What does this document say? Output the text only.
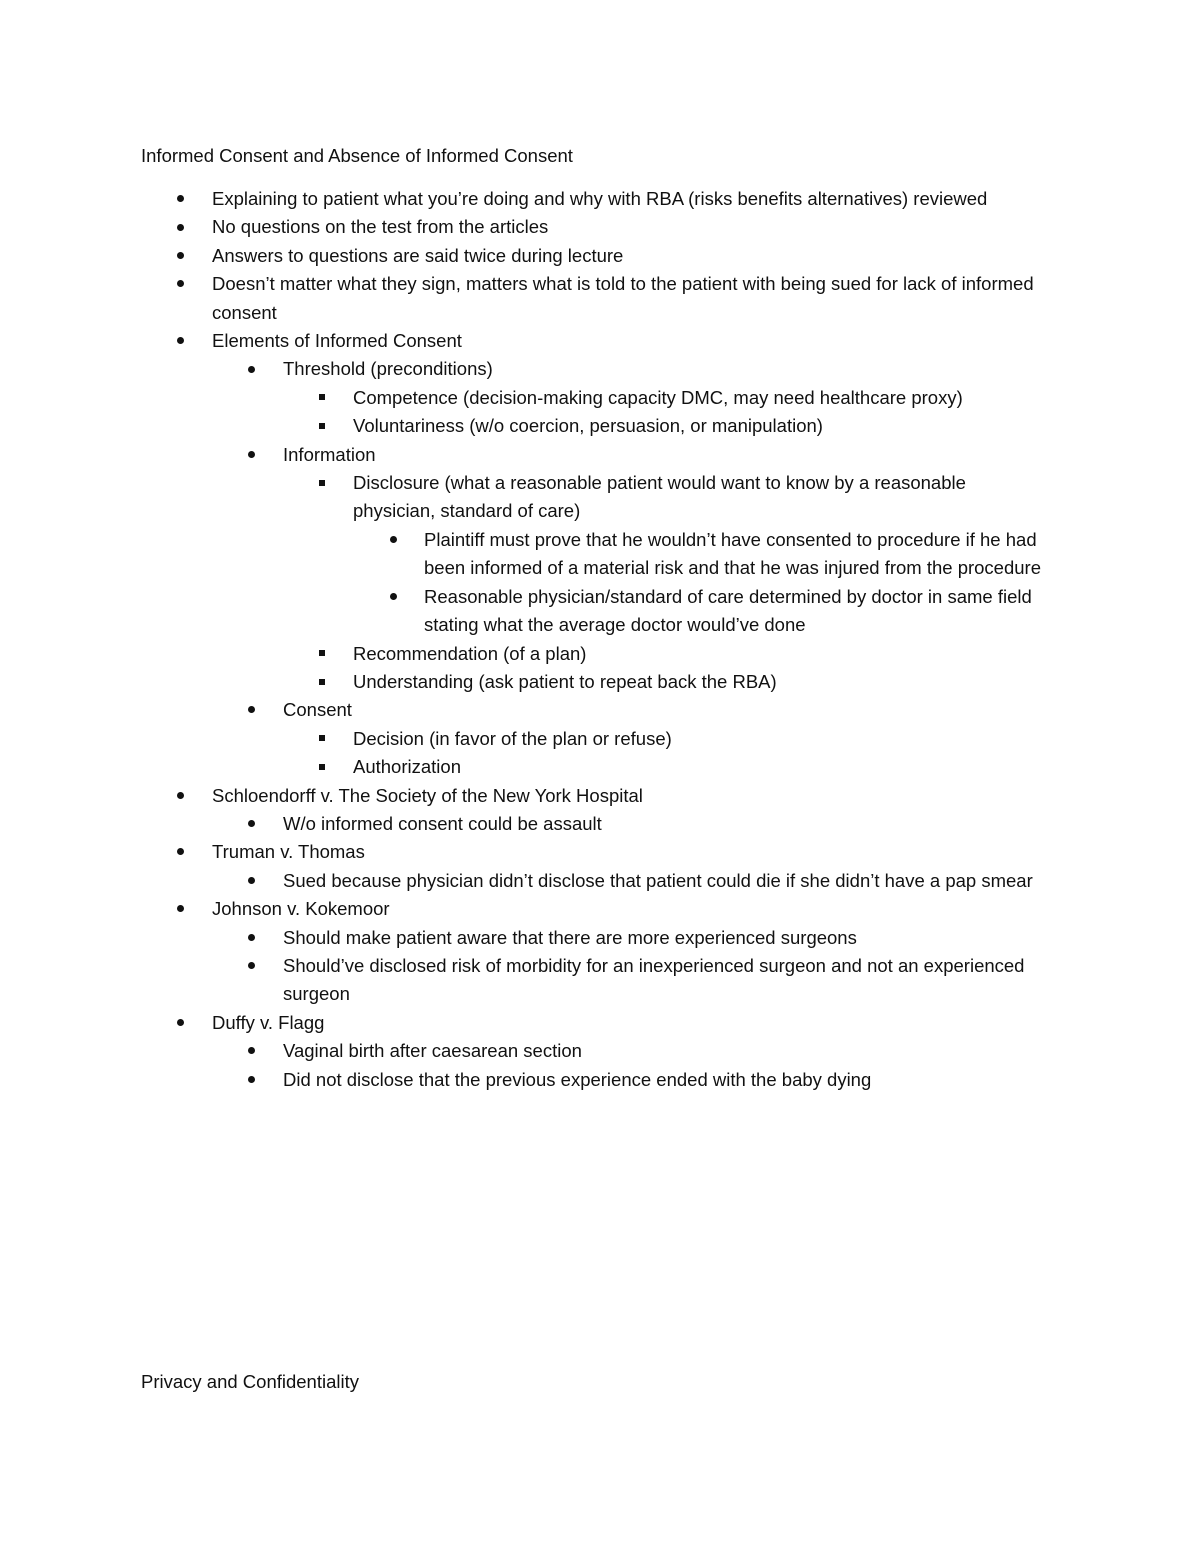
Informed Consent and Absence of Informed Consent
Explaining to patient what you’re doing and why with RBA (risks benefits alternatives) reviewed
No questions on the test from the articles
Answers to questions are said twice during lecture
Doesn’t matter what they sign, matters what is told to the patient with being sued for lack of informed consent
Elements of Informed Consent
Threshold (preconditions)
Competence (decision-making capacity DMC, may need healthcare proxy)
Voluntariness (w/o coercion, persuasion, or manipulation)
Information
Disclosure (what a reasonable patient would want to know by a reasonable physician, standard of care)
Plaintiff must prove that he wouldn’t have consented to procedure if he had been informed of a material risk and that he was injured from the procedure
Reasonable physician/standard of care determined by doctor in same field stating what the average doctor would’ve done
Recommendation (of a plan)
Understanding (ask patient to repeat back the RBA)
Consent
Decision (in favor of the plan or refuse)
Authorization
Schloendorff v. The Society of the New York Hospital
W/o informed consent could be assault
Truman v. Thomas
Sued because physician didn’t disclose that patient could die if she didn’t have a pap smear
Johnson v. Kokemoor
Should make patient aware that there are more experienced surgeons
Should’ve disclosed risk of morbidity for an inexperienced surgeon and not an experienced surgeon
Duffy v. Flagg
Vaginal birth after caesarean section
Did not disclose that the previous experience ended with the baby dying
Privacy and Confidentiality
